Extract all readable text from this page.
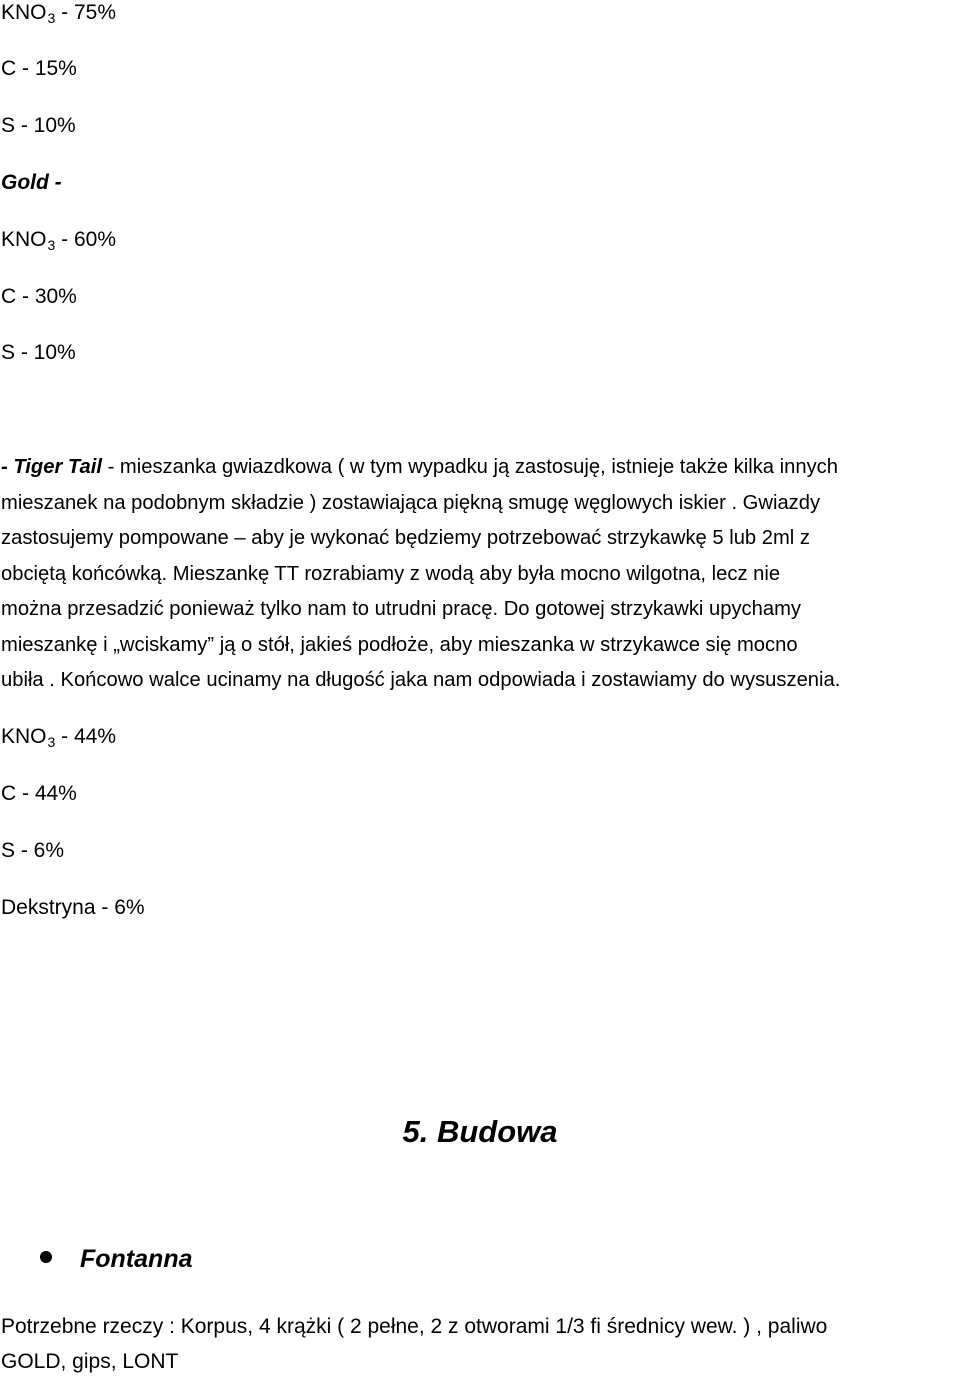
KNO3 - 75%
C - 15%
S - 10%
Gold -
KNO3 - 60%
C - 30%
S - 10%
- Tiger Tail - mieszanka gwiazdkowa ( w tym wypadku ją zastosuję, istnieje także kilka innych
mieszanek na podobnym składzie ) zostawiająca piękną smugę węglowych iskier . Gwiazdy
zastosujemy pompowane – aby je wykonać będziemy potrzebować strzykawkę 5 lub 2ml z
obciętą końcówką. Mieszankę TT rozrabiamy z wodą aby była mocno wilgotna, lecz nie
można przesadzić ponieważ tylko nam to utrudni pracę. Do gotowej strzykawki upychamy
mieszankę i „wciskamy” ją o stół, jakieś podłoże, aby mieszanka w strzykawce się mocno
ubiła . Końcowo walce ucinamy na długość jaka nam odpowiada i zostawiamy do wysuszenia.
KNO3 - 44%
C - 44%
S - 6%
Dekstryna - 6%
5. Budowa
Fontanna
Potrzebne rzeczy : Korpus, 4 krążki ( 2 pełne, 2 z otworami 1/3 fi średnicy wew. ) , paliwo
GOLD, gips, LONT
